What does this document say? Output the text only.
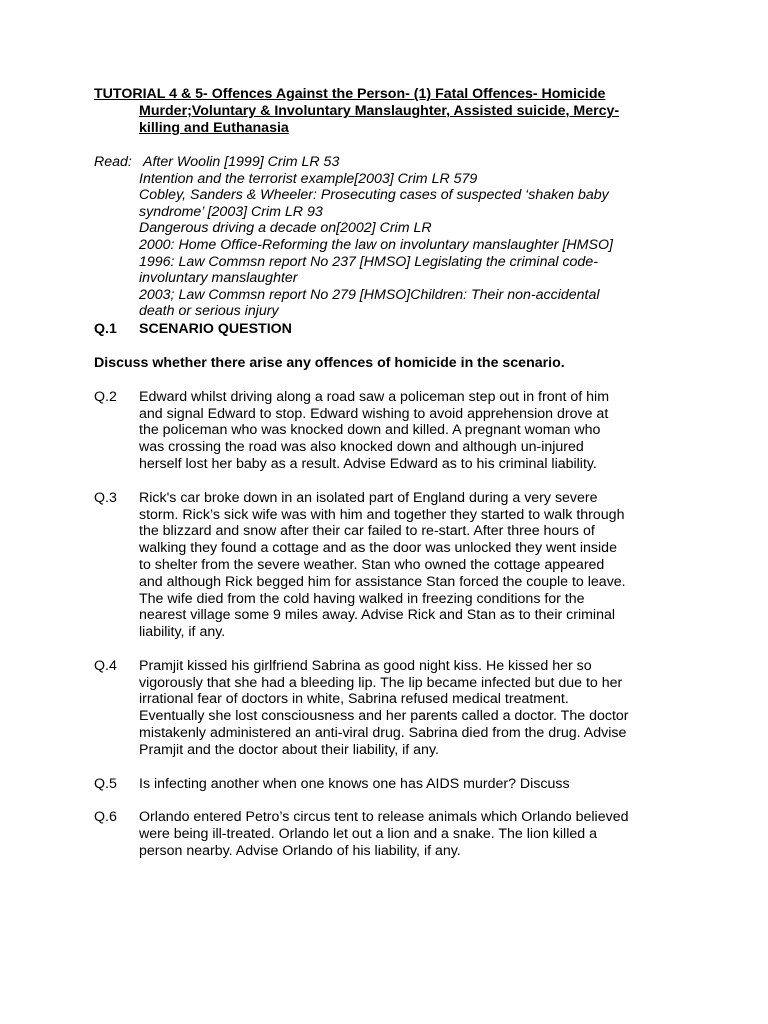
TUTORIAL 4 & 5- Offences Against the Person- (1) Fatal Offences- Homicide
Murder;Voluntary & Involuntary Manslaughter, Assisted suicide, Mercy-
killing and Euthanasia
Read: After Woolin [1999] Crim LR 53
Intention and the terrorist example[2003] Crim LR 579
Cobley, Sanders & Wheeler: Prosecuting cases of suspected ‘shaken baby
syndrome’ [2003] Crim LR 93
Dangerous driving a decade on[2002] Crim LR
2000: Home Office-Reforming the law on involuntary manslaughter [HMSO]
1996: Law Commsn report No 237 [HMSO] Legislating the criminal code-
involuntary manslaughter
2003; Law Commsn report No 279 [HMSO]Children: Their non-accidental
death or serious injury
Q.1	SCENARIO QUESTION
Discuss whether there arise any offences of homicide in the scenario.
Q.2	Edward whilst driving along a road saw a policeman step out in front of him
and signal Edward to stop. Edward wishing to avoid apprehension drove at
the policeman who was knocked down and killed. A pregnant woman who
was crossing the road was also knocked down and although un-injured
herself lost her baby as a result. Advise Edward as to his criminal liability.
Q.3	Rick's car broke down in an isolated part of England during a very severe
storm. Rick’s sick wife was with him and together they started to walk through
the blizzard and snow after their car failed to re-start. After three hours of
walking they found a cottage and as the door was unlocked they went inside
to shelter from the severe weather. Stan who owned the cottage appeared
and although Rick begged him for assistance Stan forced the couple to leave.
The wife died from the cold having walked in freezing conditions for the
nearest village some 9 miles away. Advise Rick and Stan as to their criminal
liability, if any.
Q.4	Pramjit kissed his girlfriend Sabrina as good night kiss. He kissed her so
vigorously that she had a bleeding lip. The lip became infected but due to her
irrational fear of doctors in white, Sabrina refused medical treatment.
Eventually she lost consciousness and her parents called a doctor. The doctor
mistakenly administered an anti-viral drug. Sabrina died from the drug. Advise
Pramjit and the doctor about their liability, if any.
Q.5	Is infecting another when one knows one has AIDS murder? Discuss
Q.6	Orlando entered Petro’s circus tent to release animals which Orlando believed
were being ill-treated. Orlando let out a lion and a snake. The lion killed a
person nearby. Advise Orlando of his liability, if any.
